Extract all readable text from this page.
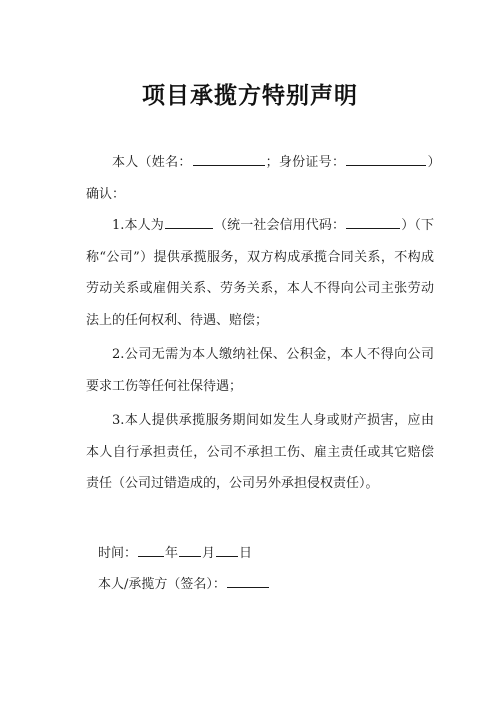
项目承揽方特别声明

本人（姓名：	；身份证号：	）确认：

1.本人为	（统一社会信用代码：	）（下称“公司”）提供承揽服务，双方构成承揽合同关系，不构成劳动关系或雇佣关系、劳务关系，本人不得向公司主张劳动法上的任何权利、待遇、赔偿；

2.公司无需为本人缴纳社保、公积金，本人不得向公司要求工伤等任何社保待遇；

3.本人提供承揽服务期间如发生人身或财产损害，应由本人自行承担责任，公司不承担工伤、雇主责任或其它赔偿责任（公司过错造成的，公司另外承担侵权责任）。

时间： 年 月 日

本人/承揽方（签名）：
